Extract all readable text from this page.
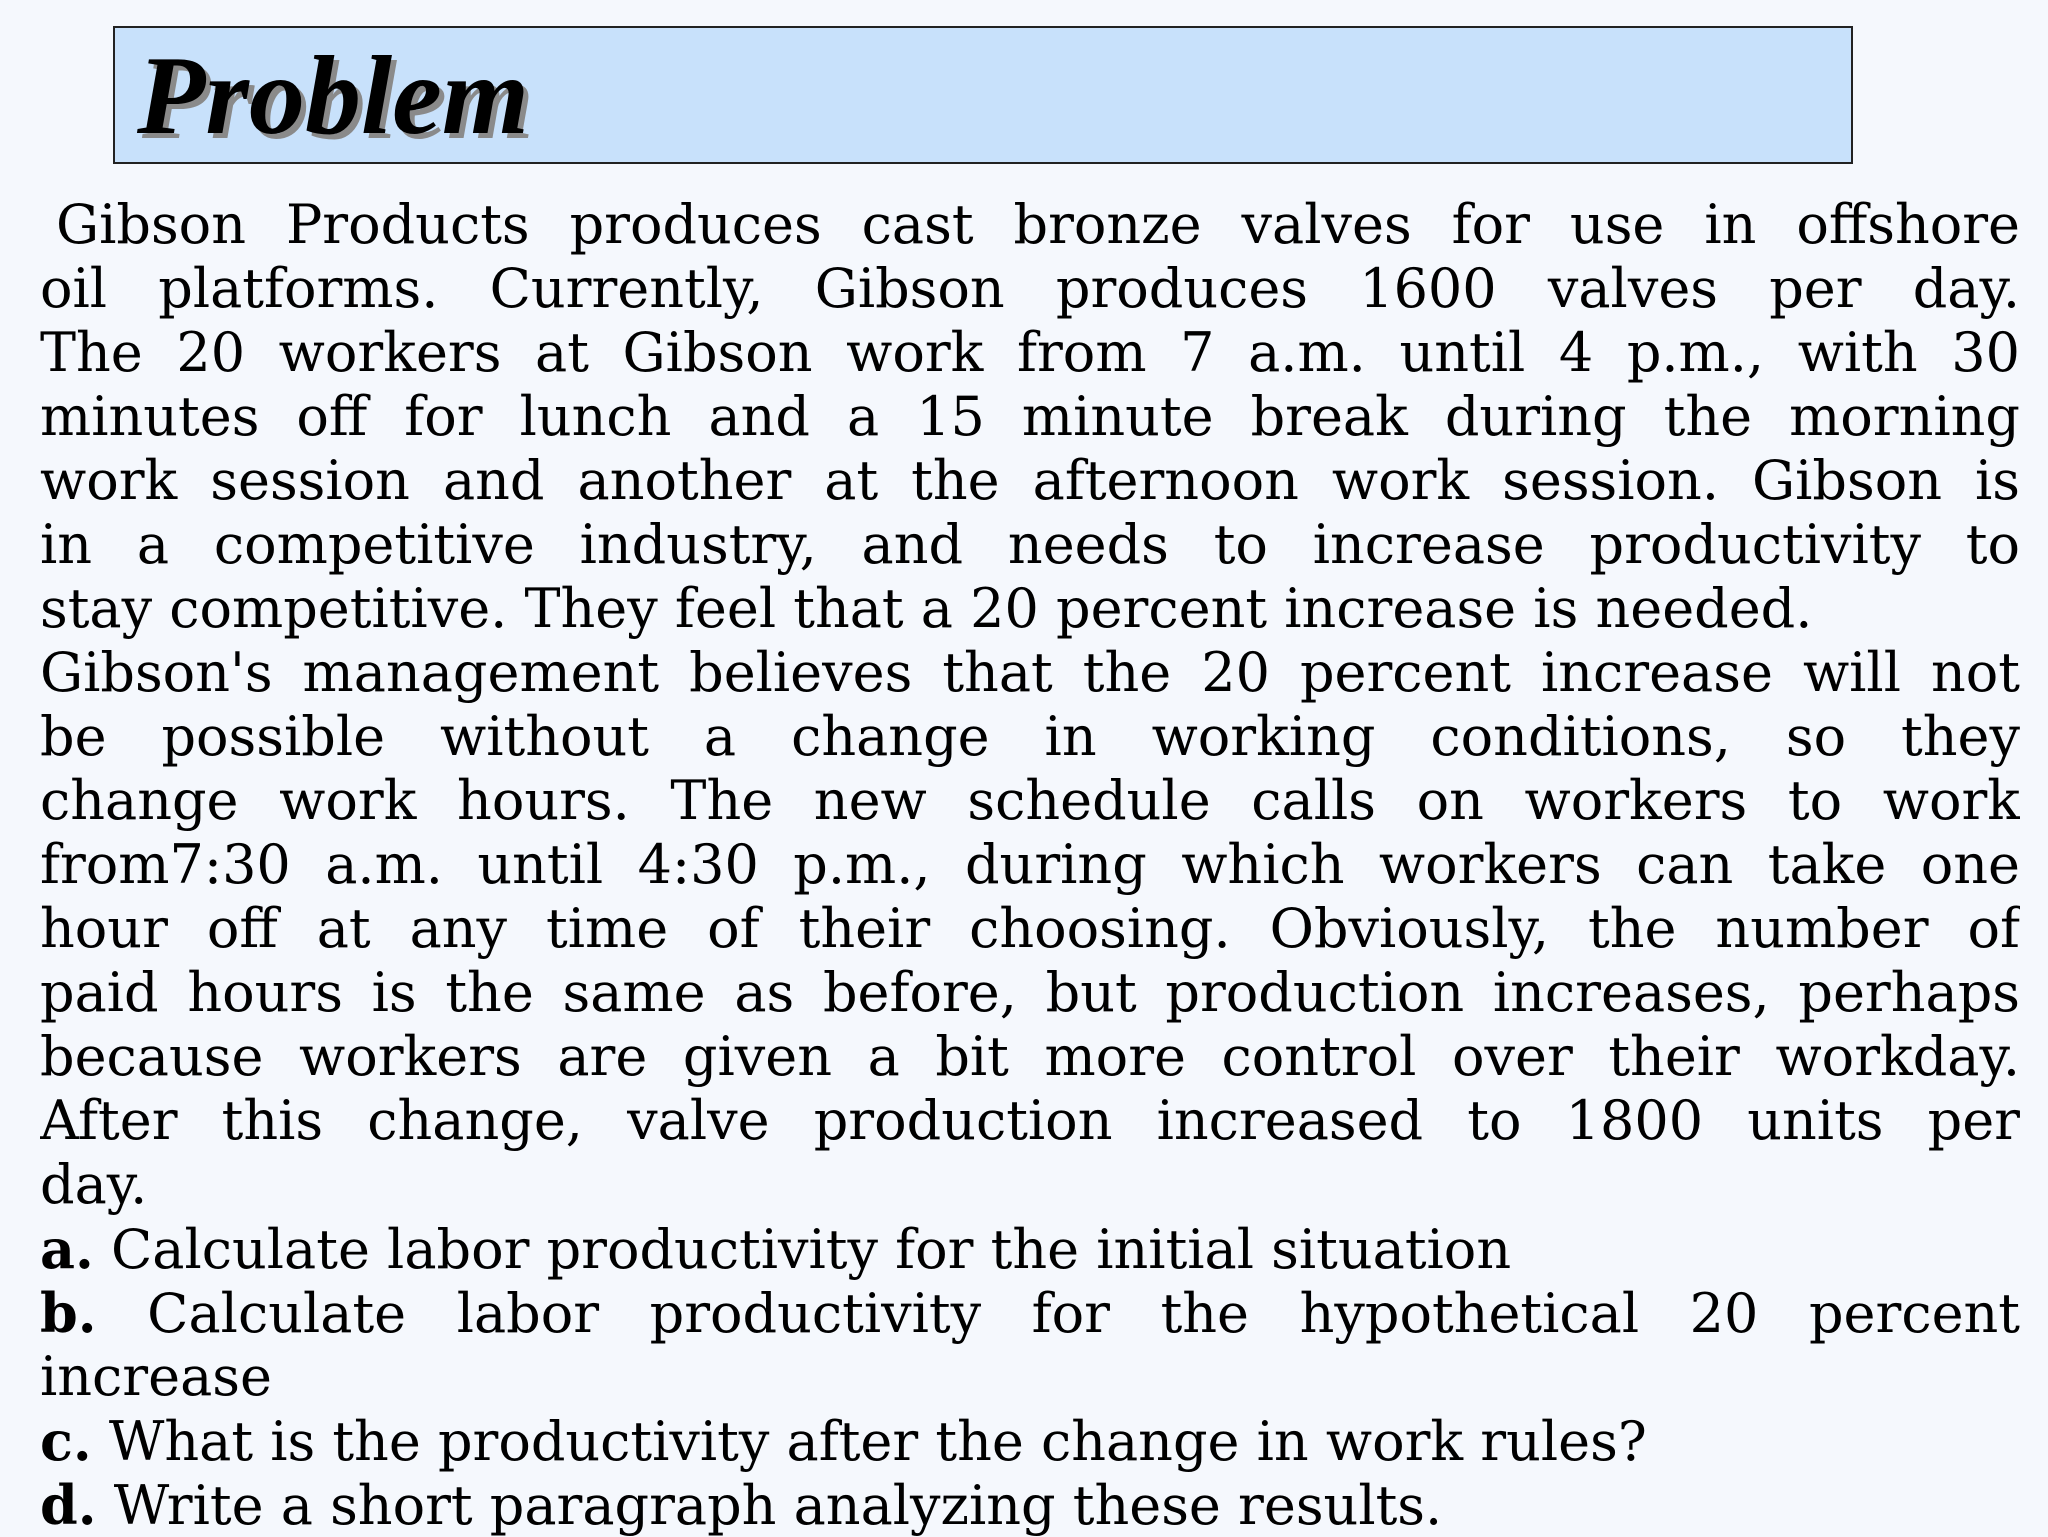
Problem
Gibson Products produces cast bronze valves for use in offshore
oil platforms. Currently, Gibson produces 1600 valves per day.
The 20 workers at Gibson work from 7 a.m. until 4 p.m., with 30
minutes off for lunch and a 15 minute break during the morning
work session and another at the afternoon work session. Gibson is
in a competitive industry, and needs to increase productivity to
stay competitive. They feel that a 20 percent increase is needed.
Gibson's management believes that the 20 percent increase will not
be possible without a change in working conditions, so they
change work hours. The new schedule calls on workers to work
from7:30 a.m. until 4:30 p.m., during which workers can take one
hour off at any time of their choosing. Obviously, the number of
paid hours is the same as before, but production increases, perhaps
because workers are given a bit more control over their workday.
After this change, valve production increased to 1800 units per
day.
a. Calculate labor productivity for the initial situation
b. Calculate labor productivity for the hypothetical 20 percent
increase
c. What is the productivity after the change in work rules?
d. Write a short paragraph analyzing these results.
